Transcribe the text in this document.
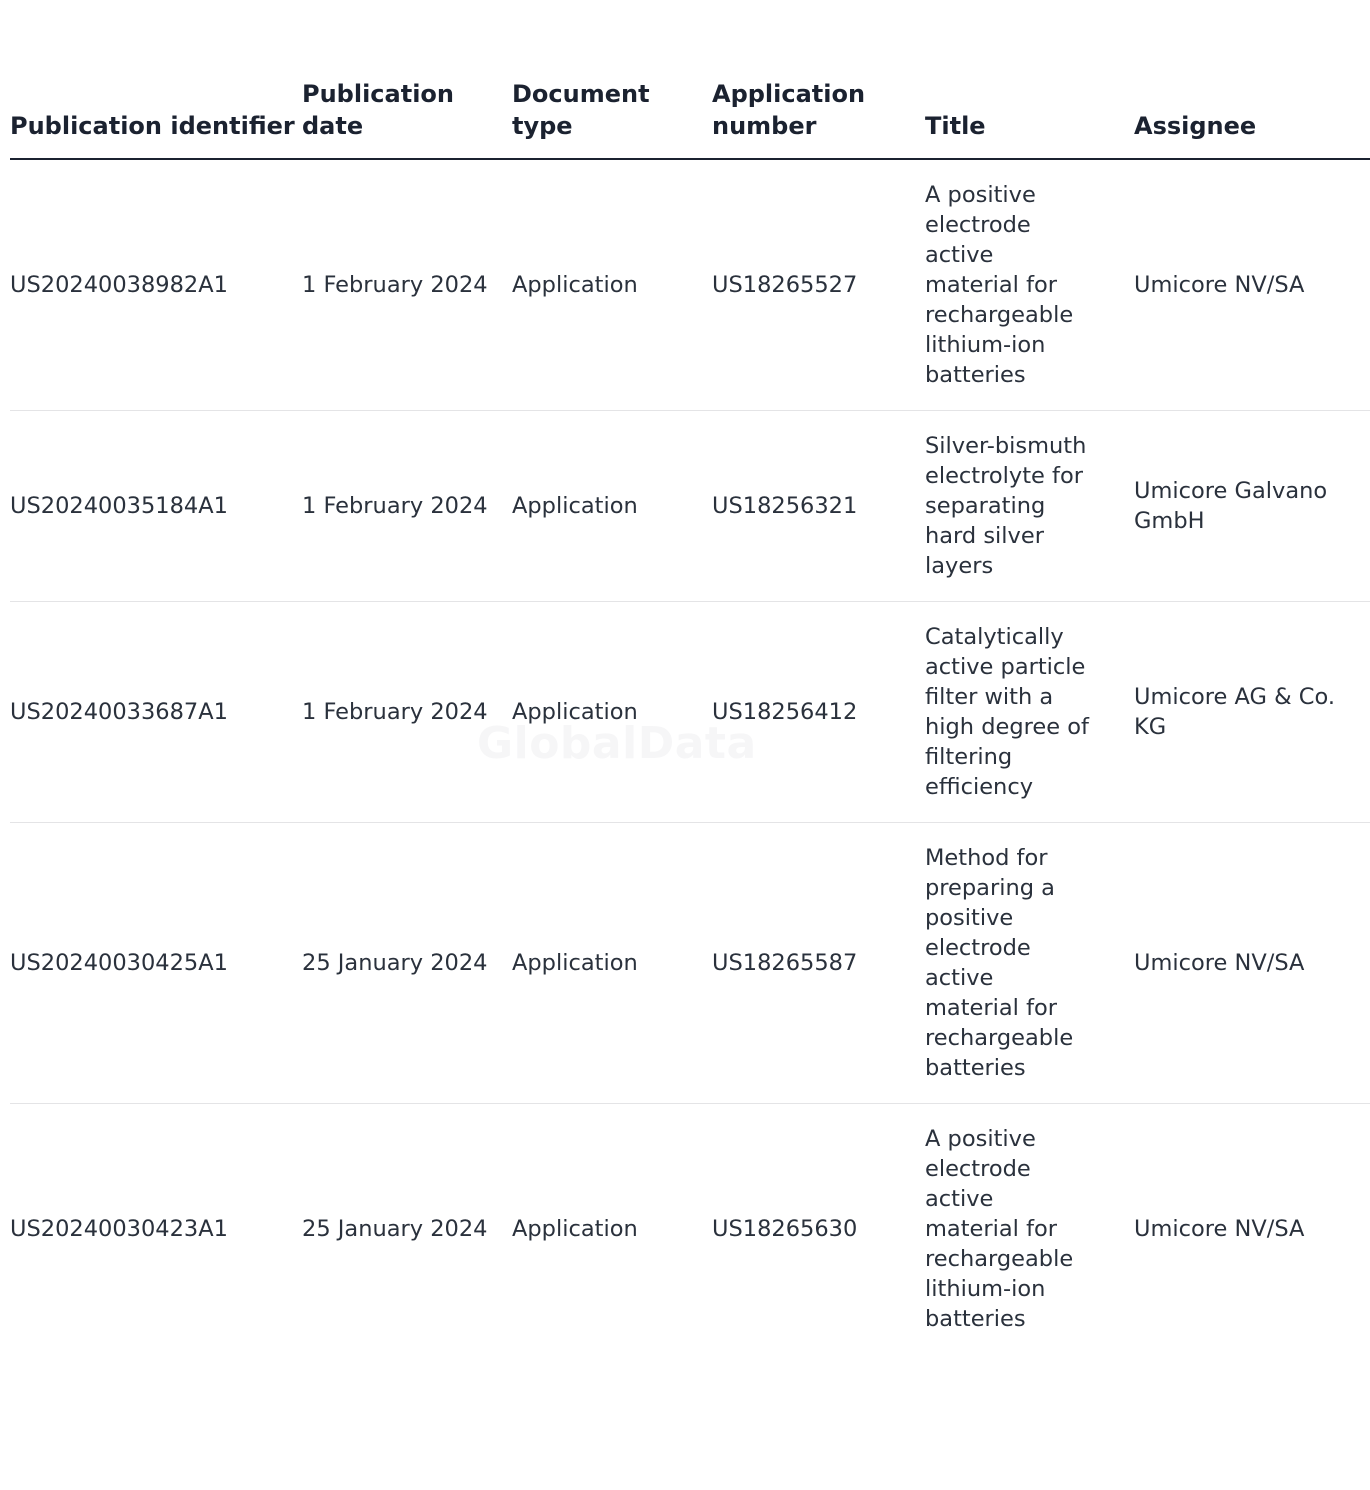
Publication identifier	Publication date	Document type	Application number	Title	Assignee
US20240038982A1	1 February 2024	Application	US18265527	A positive electrode active material for rechargeable lithium-ion batteries	Umicore NV/SA
US20240035184A1	1 February 2024	Application	US18256321	Silver-bismuth electrolyte for separating hard silver layers	Umicore Galvano GmbH
US20240033687A1	1 February 2024	Application	US18256412	Catalytically active particle filter with a high degree of filtering efficiency	Umicore AG & Co. KG
US20240030425A1	25 January 2024	Application	US18265587	Method for preparing a positive electrode active material for rechargeable batteries	Umicore NV/SA
US20240030423A1	25 January 2024	Application	US18265630	A positive electrode active material for rechargeable lithium-ion batteries	Umicore NV/SA
GlobalData
